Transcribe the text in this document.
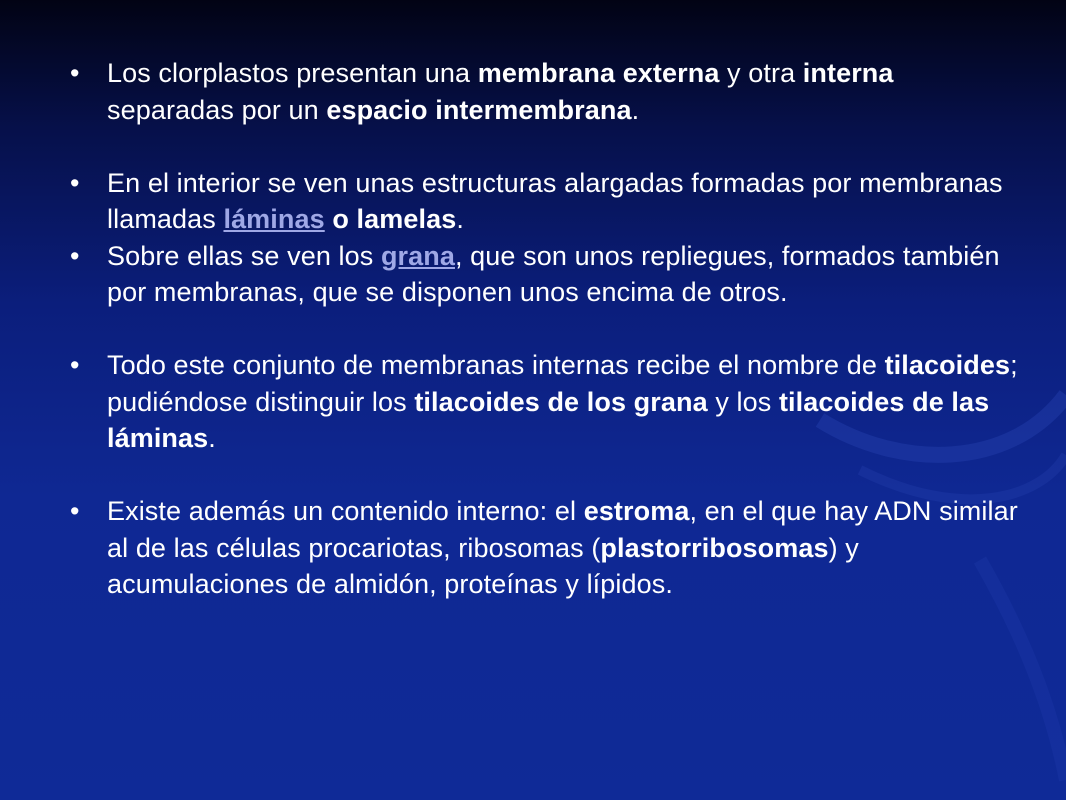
• Los clorplastos presentan una membrana externa y otra interna separadas por un espacio intermembrana.
• En el interior se ven unas estructuras alargadas formadas por membranas llamadas láminas o lamelas.
• Sobre ellas se ven los grana, que son unos repliegues, formados también por membranas, que se disponen unos encima de otros.
• Todo este conjunto de membranas internas recibe el nombre de tilacoides; pudiéndose distinguir los tilacoides de los grana y los tilacoides de las láminas.
• Existe además un contenido interno: el estroma, en el que hay ADN similar al de las células procariotas, ribosomas (plastorribosomas) y acumulaciones de almidón, proteínas y lípidos.
